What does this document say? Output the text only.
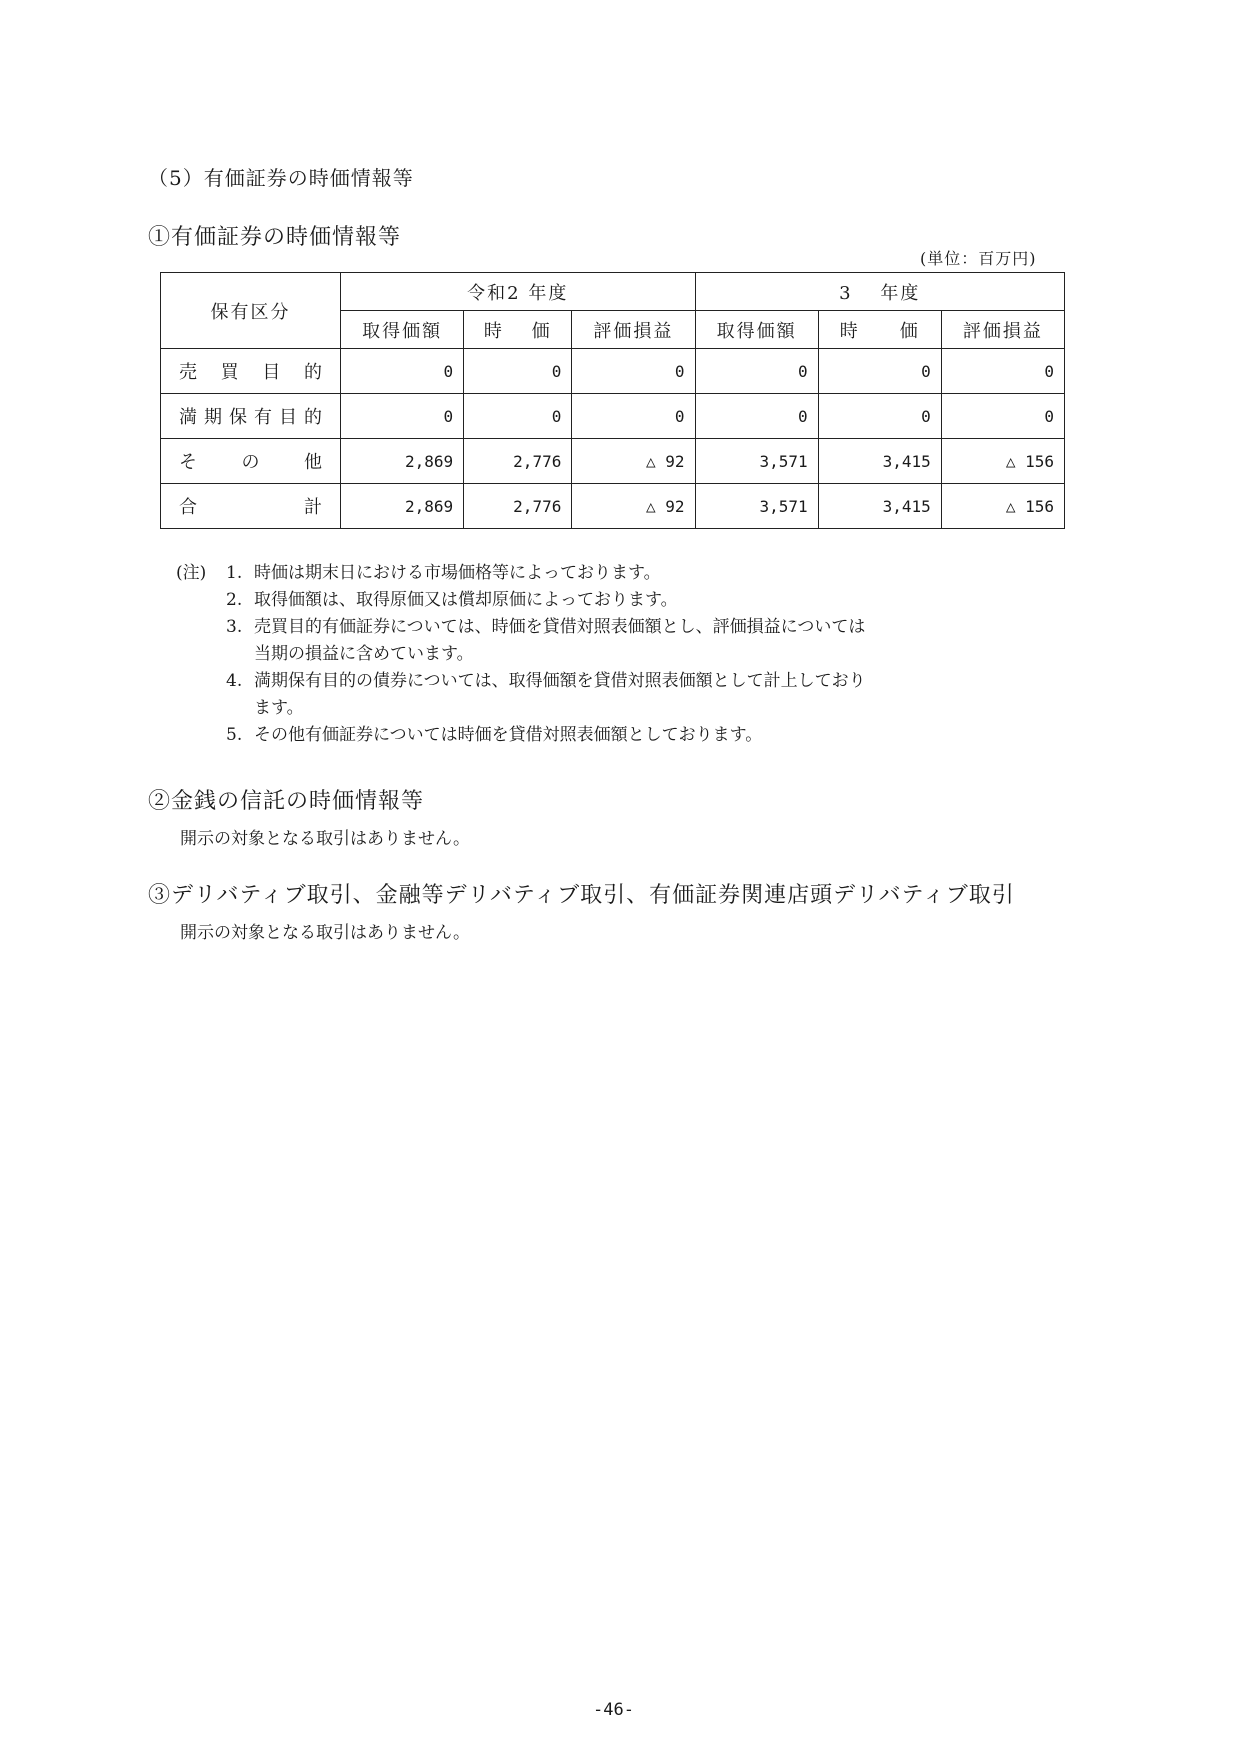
（5）有価証券の時価情報等
①有価証券の時価情報等
(単位：百万円)
保有区分	令和2 年度			3　 年度		
	取得価額	時　 価	評価損益	取得価額	時　　価	評価損益
売買目的	0	0	0	0	0	0
満期保有目的	0	0	0	0	0	0
その他	2,869	2,776	△ 92	3,571	3,415	△ 156
合計	2,869	2,776	△ 92	3,571	3,415	△ 156
(注)	1. 時価は期末日における市場価格等によっております。
2. 取得価額は、取得原価又は償却原価によっております。
3. 売買目的有価証券については、時価を貸借対照表価額とし、評価損益については
当期の損益に含めています。
4. 満期保有目的の債券については、取得価額を貸借対照表価額として計上しており
ます。
5. その他有価証券については時価を貸借対照表価額としております。
②金銭の信託の時価情報等
開示の対象となる取引はありません。
③デリバティブ取引、金融等デリバティブ取引、有価証券関連店頭デリバティブ取引
開示の対象となる取引はありません。
-46-
